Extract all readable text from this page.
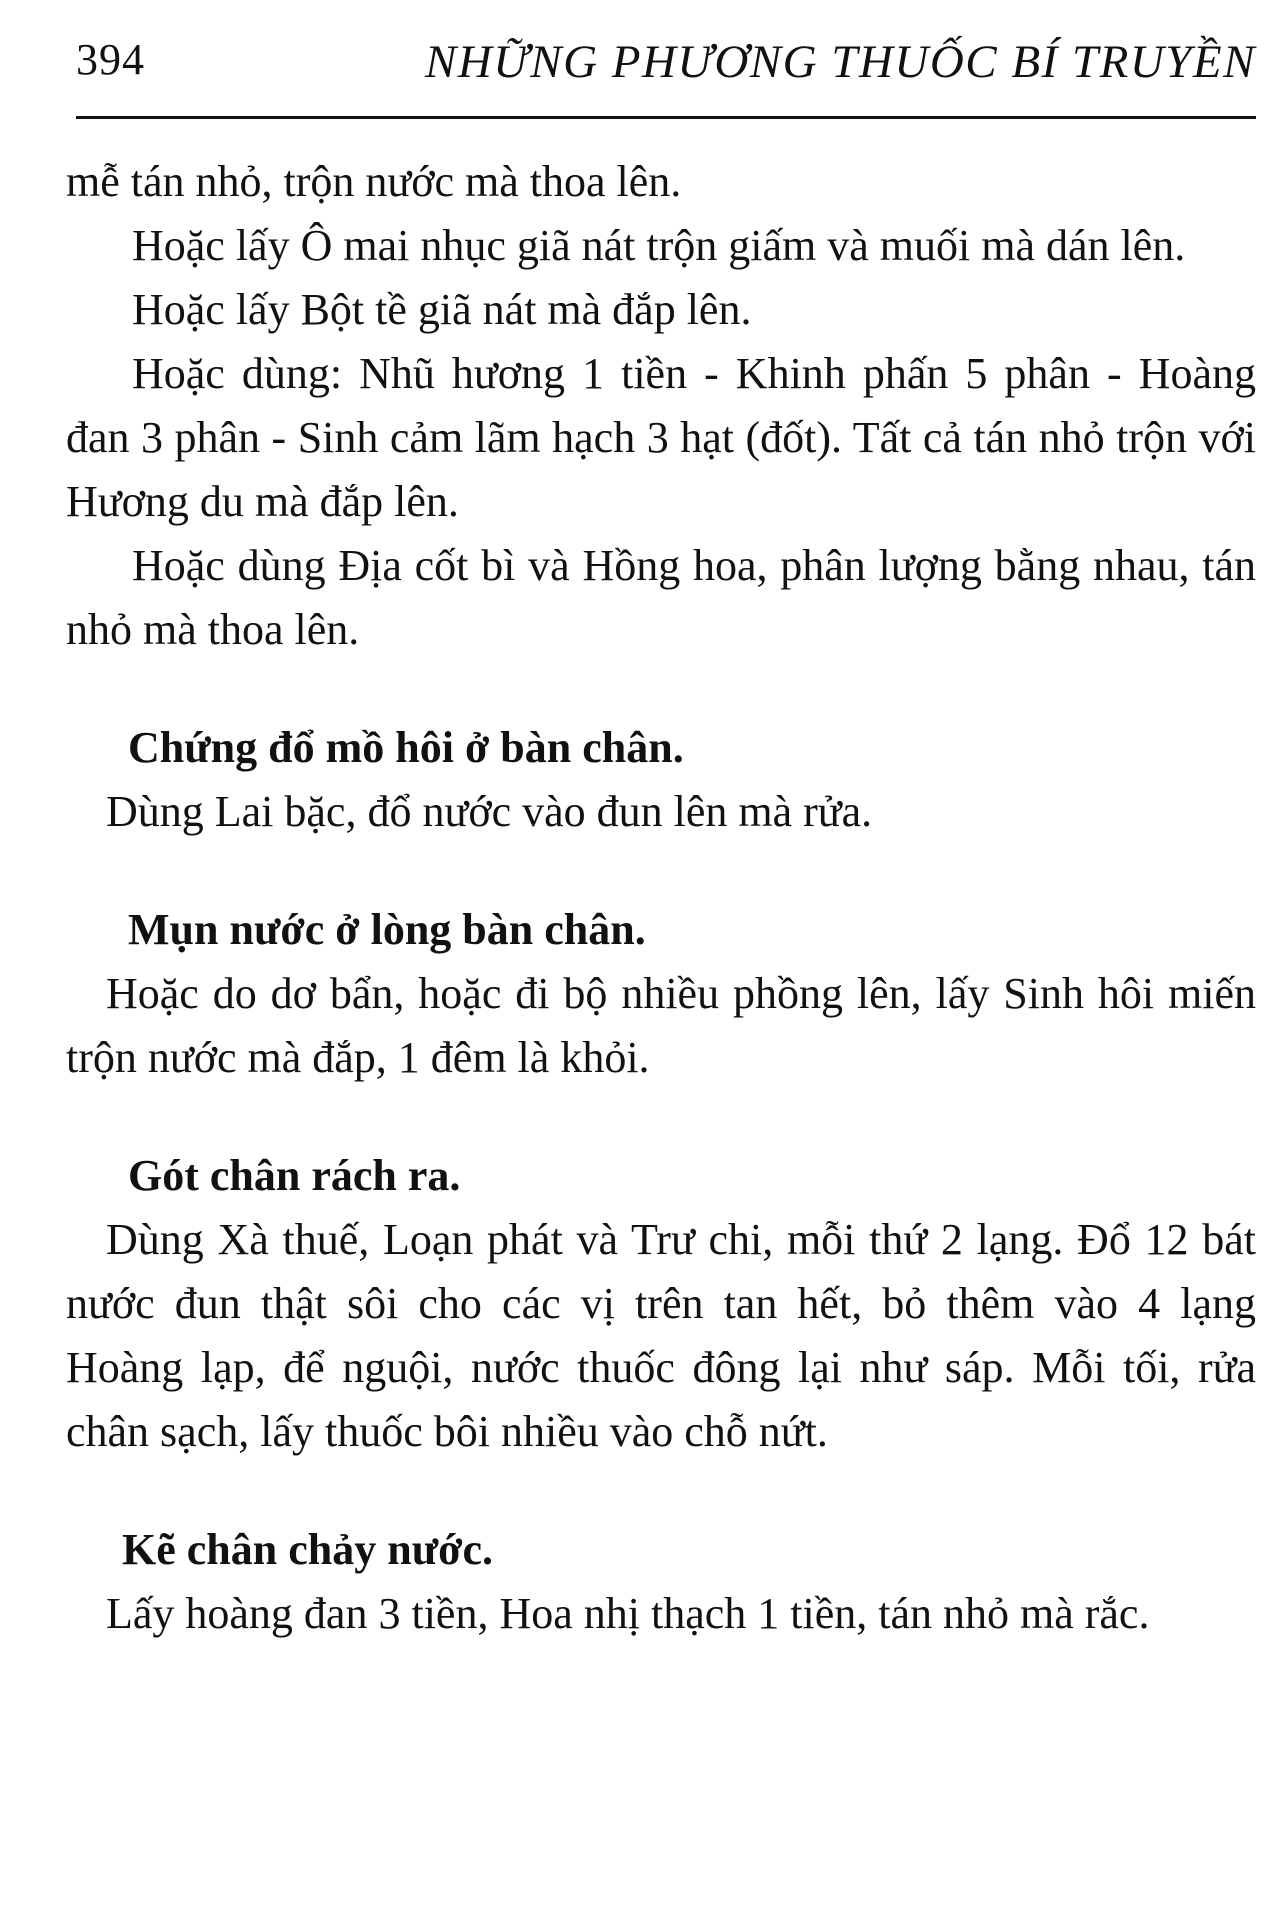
394	NHỮNG PHƯƠNG THUỐC BÍ TRUYỀN

mễ tán nhỏ, trộn nước mà thoa lên.

Hoặc lấy Ô mai nhục giã nát trộn giấm và muối mà dán lên.

Hoặc lấy Bột tề giã nát mà đắp lên.

Hoặc dùng: Nhũ hương 1 tiền - Khinh phấn 5 phân - Hoàng đan 3 phân - Sinh cảm lãm hạch 3 hạt (đốt). Tất cả tán nhỏ trộn với Hương du mà đắp lên.

Hoặc dùng Địa cốt bì và Hồng hoa, phân lượng bằng nhau, tán nhỏ mà thoa lên.

Chứng đổ mồ hôi ở bàn chân.

Dùng Lai bặc, đổ nước vào đun lên mà rửa.

Mụn nước ở lòng bàn chân.

Hoặc do dơ bẩn, hoặc đi bộ nhiều phồng lên, lấy Sinh hôi miến trộn nước mà đắp, 1 đêm là khỏi.

Gót chân rách ra.

Dùng Xà thuế, Loạn phát và Trư chi, mỗi thứ 2 lạng. Đổ 12 bát nước đun thật sôi cho các vị trên tan hết, bỏ thêm vào 4 lạng Hoàng lạp, để nguội, nước thuốc đông lại như sáp. Mỗi tối, rửa chân sạch, lấy thuốc bôi nhiều vào chỗ nứt.

Kẽ chân chảy nước.

Lấy hoàng đan 3 tiền, Hoa nhị thạch 1 tiền, tán nhỏ mà rắc.
